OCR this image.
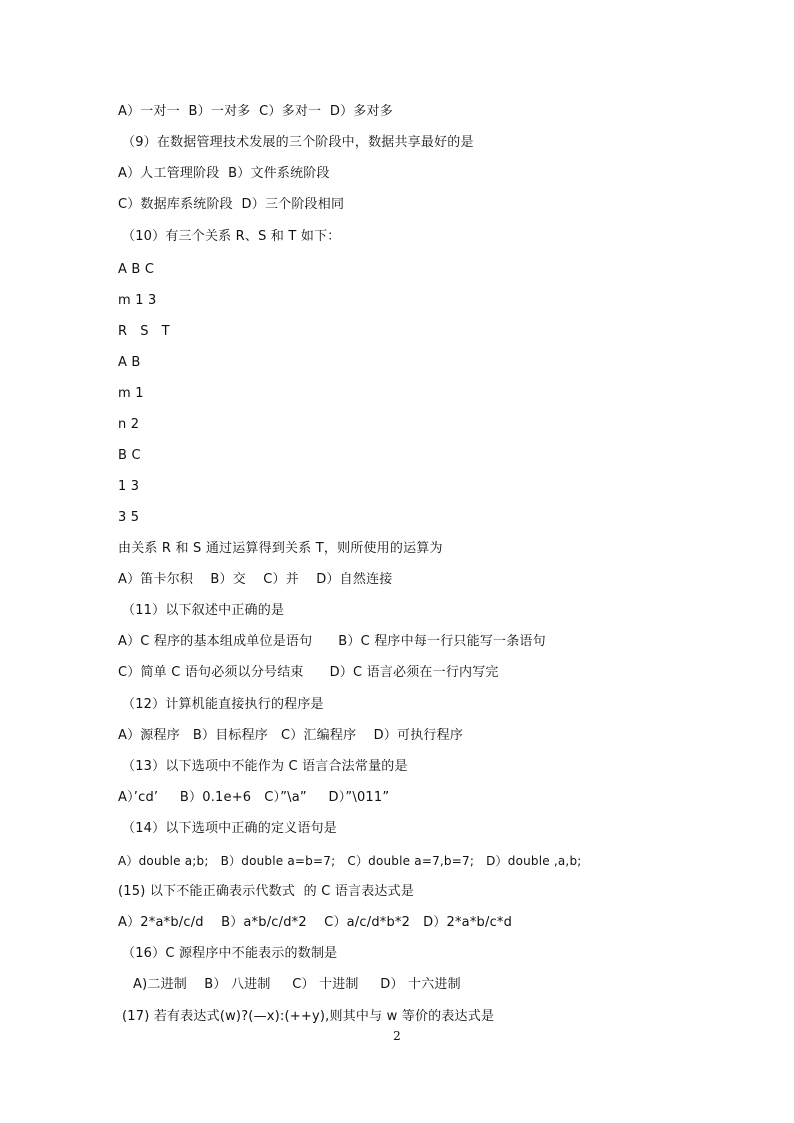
A）一对一  B）一对多  C）多对一  D）多对多
（9）在数据管理技术发展的三个阶段中，数据共享最好的是
A）人工管理阶段  B）文件系统阶段
C）数据库系统阶段  D）三个阶段相同
（10）有三个关系 R、S 和 T 如下：
A B C
m 1 3
R   S   T
A B
m 1
n 2
B C
1 3
3 5
由关系 R 和 S 通过运算得到关系 T，则所使用的运算为
A）笛卡尔积    B）交    C）并    D）自然连接
（11）以下叙述中正确的是
A）C 程序的基本组成单位是语句      B）C 程序中每一行只能写一条语句
C）简单 C 语句必须以分号结束      D）C 语言必须在一行内写完
（12）计算机能直接执行的程序是
A）源程序   B）目标程序   C）汇编程序    D）可执行程序
（13）以下选项中不能作为 C 语言合法常量的是
A）’cd’     B）0.1e+6   C）”\a”     D）”\011”
（14）以下选项中正确的定义语句是
A）double a;b;   B）double a=b=7;   C）double a=7,b=7;   D）double ,a,b;
(15) 以下不能正确表示代数式  的 C 语言表达式是
A）2*a*b/c/d    B）a*b/c/d*2    C）a/c/d*b*2   D）2*a*b/c*d
（16）C 源程序中不能表示的数制是
A)二进制    B） 八进制     C） 十进制     D） 十六进制
(17) 若有表达式(w)?(—x):(++y),则其中与 w 等价的表达式是
2
